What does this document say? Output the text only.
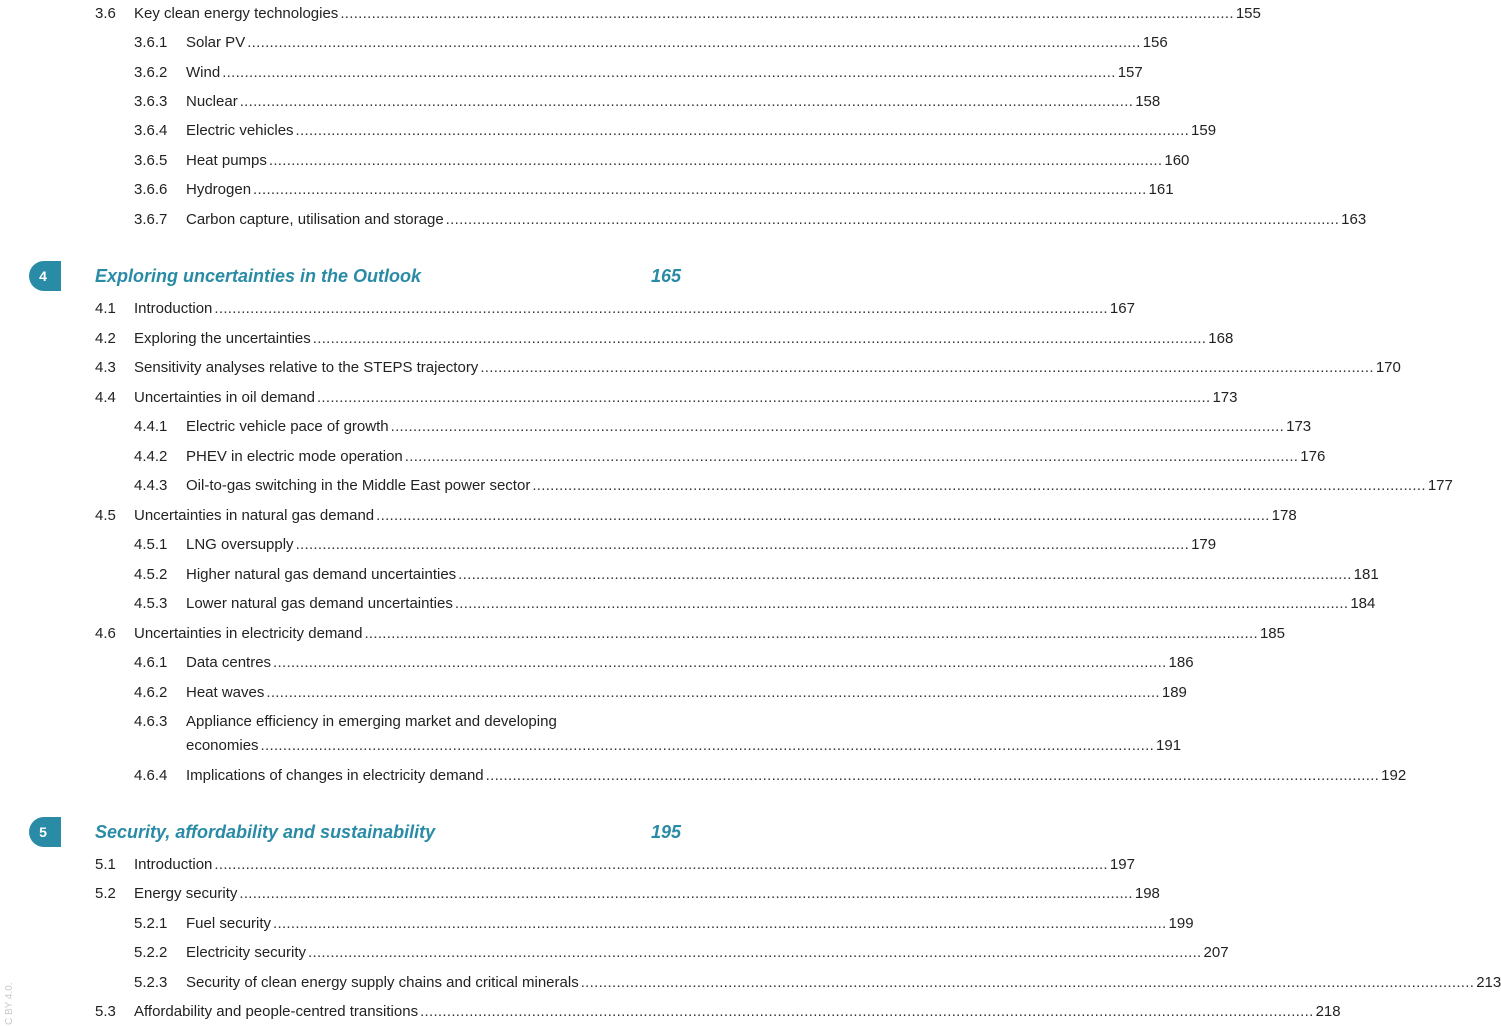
3.6 Key clean energy technologies ........................................................................................................................................................................................................ 155
3.6.1 Solar PV ........................................................................................................................................................................................................ 156
3.6.2 Wind ........................................................................................................................................................................................................ 157
3.6.3 Nuclear ........................................................................................................................................................................................................ 158
3.6.4 Electric vehicles ........................................................................................................................................................................................................ 159
3.6.5 Heat pumps ........................................................................................................................................................................................................ 160
3.6.6 Hydrogen ........................................................................................................................................................................................................ 161
3.6.7 Carbon capture, utilisation and storage ........................................................................................................................................................................................................ 163
4	Exploring uncertainties in the Outlook	165
4.1 Introduction ........................................................................................................................................................................................................ 167
4.2 Exploring the uncertainties ........................................................................................................................................................................................................ 168
4.3 Sensitivity analyses relative to the STEPS trajectory ........................................................................................................................................................................................................ 170
4.4 Uncertainties in oil demand ........................................................................................................................................................................................................ 173
4.4.1 Electric vehicle pace of growth ........................................................................................................................................................................................................ 173
4.4.2 PHEV in electric mode operation ........................................................................................................................................................................................................ 176
4.4.3 Oil-to-gas switching in the Middle East power sector ........................................................................................................................................................................................................ 177
4.5 Uncertainties in natural gas demand ........................................................................................................................................................................................................ 178
4.5.1 LNG oversupply ........................................................................................................................................................................................................ 179
4.5.2 Higher natural gas demand uncertainties ........................................................................................................................................................................................................ 181
4.5.3 Lower natural gas demand uncertainties ........................................................................................................................................................................................................ 184
4.6 Uncertainties in electricity demand ........................................................................................................................................................................................................ 185
4.6.1 Data centres ........................................................................................................................................................................................................ 186
4.6.2 Heat waves ........................................................................................................................................................................................................ 189
4.6.3 Appliance efficiency in emerging market and developing
economies ........................................................................................................................................................................................................ 191
4.6.4 Implications of changes in electricity demand ........................................................................................................................................................................................................ 192
5	Security, affordability and sustainability	195
5.1 Introduction ........................................................................................................................................................................................................ 197
5.2 Energy security ........................................................................................................................................................................................................ 198
5.2.1 Fuel security ........................................................................................................................................................................................................ 199
5.2.2 Electricity security ........................................................................................................................................................................................................ 207
5.2.3 Security of clean energy supply chains and critical minerals ........................................................................................................................................................................................................ 213
5.3 Affordability and people-centred transitions ........................................................................................................................................................................................................ 218
C BY 4.0.
